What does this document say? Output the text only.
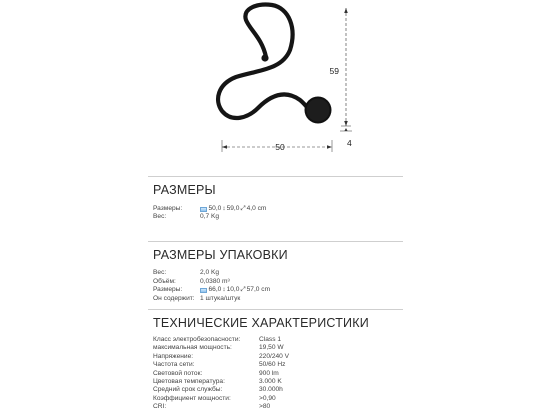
59
4
50
РАЗМЕРЫ
Размеры:	50,0 ↕ 59,0 ⤢ 4,0 cm
Вес:	0,7 Kg
РАЗМЕРЫ УПАКОВКИ
Вес:	2,0 Kg
Объём:	0,0380 m³
Размеры:	66,0 ↕ 10,0 ⤢ 57,0 cm
Он содержит: 1 штука/штук
ТЕХНИЧЕСКИЕ ХАРАКТЕРИСТИКИ
Класс электробезопасности:	Class 1
максимальная мощность:	19,50 W
Напряжение:	220/240 V
Частота сети:	50/60 Hz
Световой поток:	900 lm
Цветовая температура:	3.000 K
Средний срок службы:	30.000h
Коэффициент мощности:	>0,90
CRI:	>80
